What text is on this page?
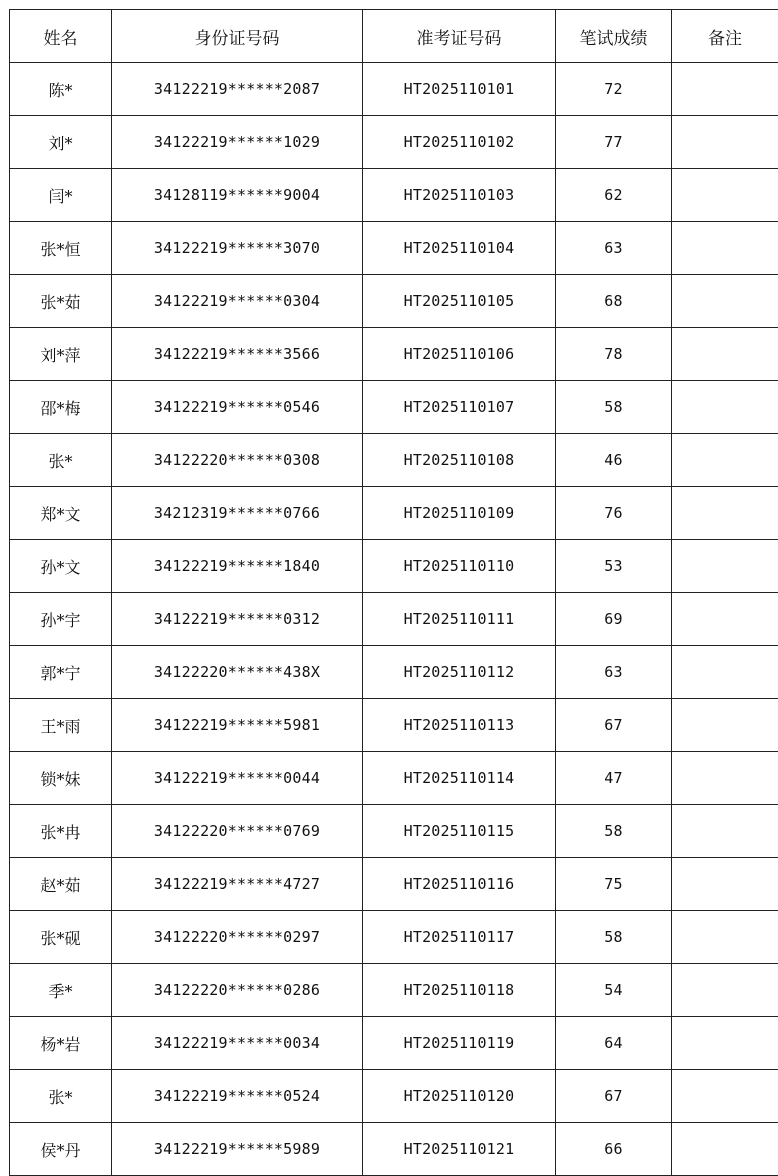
姓名	身份证号码	准考证号码	笔试成绩	备注
陈*	34122219******2087	HT2025110101	72	
刘*	34122219******1029	HT2025110102	77	
闫*	34128119******9004	HT2025110103	62	
张*恒	34122219******3070	HT2025110104	63	
张*茹	34122219******0304	HT2025110105	68	
刘*萍	34122219******3566	HT2025110106	78	
邵*梅	34122219******0546	HT2025110107	58	
张*	34122220******0308	HT2025110108	46	
郑*文	34212319******0766	HT2025110109	76	
孙*文	34122219******1840	HT2025110110	53	
孙*宇	34122219******0312	HT2025110111	69	
郭*宁	34122220******438X	HT2025110112	63	
王*雨	34122219******5981	HT2025110113	67	
锁*妹	34122219******0044	HT2025110114	47	
张*冉	34122220******0769	HT2025110115	58	
赵*茹	34122219******4727	HT2025110116	75	
张*砚	34122220******0297	HT2025110117	58	
季*	34122220******0286	HT2025110118	54	
杨*岩	34122219******0034	HT2025110119	64	
张*	34122219******0524	HT2025110120	67	
侯*丹	34122219******5989	HT2025110121	66	
